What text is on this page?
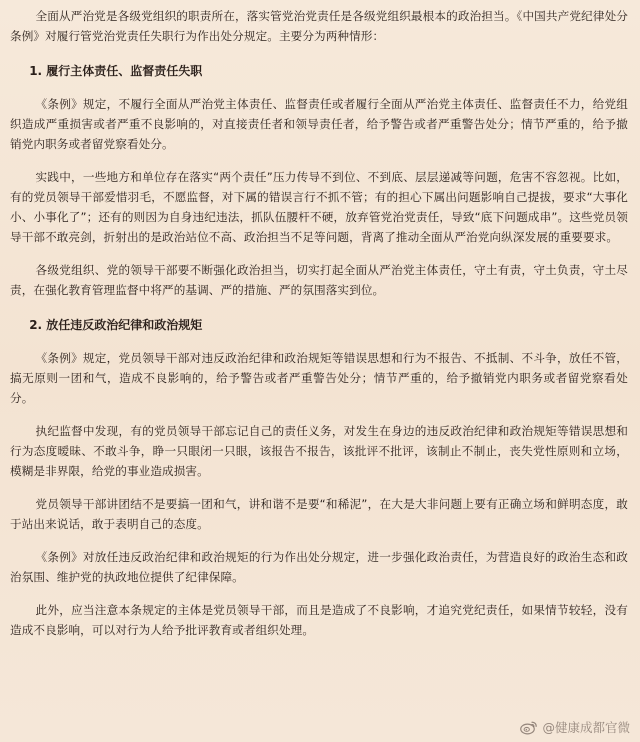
全面从严治党是各级党组织的职责所在，落实管党治党责任是各级党组织最根本的政治担当。《中国共产党纪律处分条例》对履行管党治党责任失职行为作出处分规定。主要分为两种情形：

1. 履行主体责任、监督责任失职

《条例》规定，不履行全面从严治党主体责任、监督责任或者履行全面从严治党主体责任、监督责任不力，给党组织造成严重损害或者严重不良影响的，对直接责任者和领导责任者，给予警告或者严重警告处分；情节严重的，给予撤销党内职务或者留党察看处分。

实践中，一些地方和单位存在落实“两个责任”压力传导不到位、不到底、层层递减等问题，危害不容忽视。比如，有的党员领导干部爱惜羽毛，不愿监督，对下属的错误言行不抓不管；有的担心下属出问题影响自己提拔，要求“大事化小、小事化了”；还有的则因为自身违纪违法，抓队伍腰杆不硬，放弃管党治党责任，导致“底下问题成串”。这些党员领导干部不敢亮剑，折射出的是政治站位不高、政治担当不足等问题，背离了推动全面从严治党向纵深发展的重要要求。

各级党组织、党的领导干部要不断强化政治担当，切实打起全面从严治党主体责任，守土有责，守土负责，守土尽责，在强化教育管理监督中将严的基调、严的措施、严的氛围落实到位。

2. 放任违反政治纪律和政治规矩

《条例》规定，党员领导干部对违反政治纪律和政治规矩等错误思想和行为不报告、不抵制、不斗争，放任不管，搞无原则一团和气，造成不良影响的，给予警告或者严重警告处分；情节严重的，给予撤销党内职务或者留党察看处分。

执纪监督中发现，有的党员领导干部忘记自己的责任义务，对发生在身边的违反政治纪律和政治规矩等错误思想和行为态度暧昧、不敢斗争，睁一只眼闭一只眼，该报告不报告，该批评不批评，该制止不制止，丧失党性原则和立场，模糊是非界限，给党的事业造成损害。

党员领导干部讲团结不是要搞一团和气，讲和谐不是要“和稀泥”，在大是大非问题上要有正确立场和鲜明态度，敢于站出来说话，敢于表明自己的态度。

《条例》对放任违反政治纪律和政治规矩的行为作出处分规定，进一步强化政治责任，为营造良好的政治生态和政治氛围、维护党的执政地位提供了纪律保障。

此外，应当注意本条规定的主体是党员领导干部，而且是造成了不良影响，才追究党纪责任，如果情节较轻，没有造成不良影响，可以对行为人给予批评教育或者组织处理。

@健康成都官微
